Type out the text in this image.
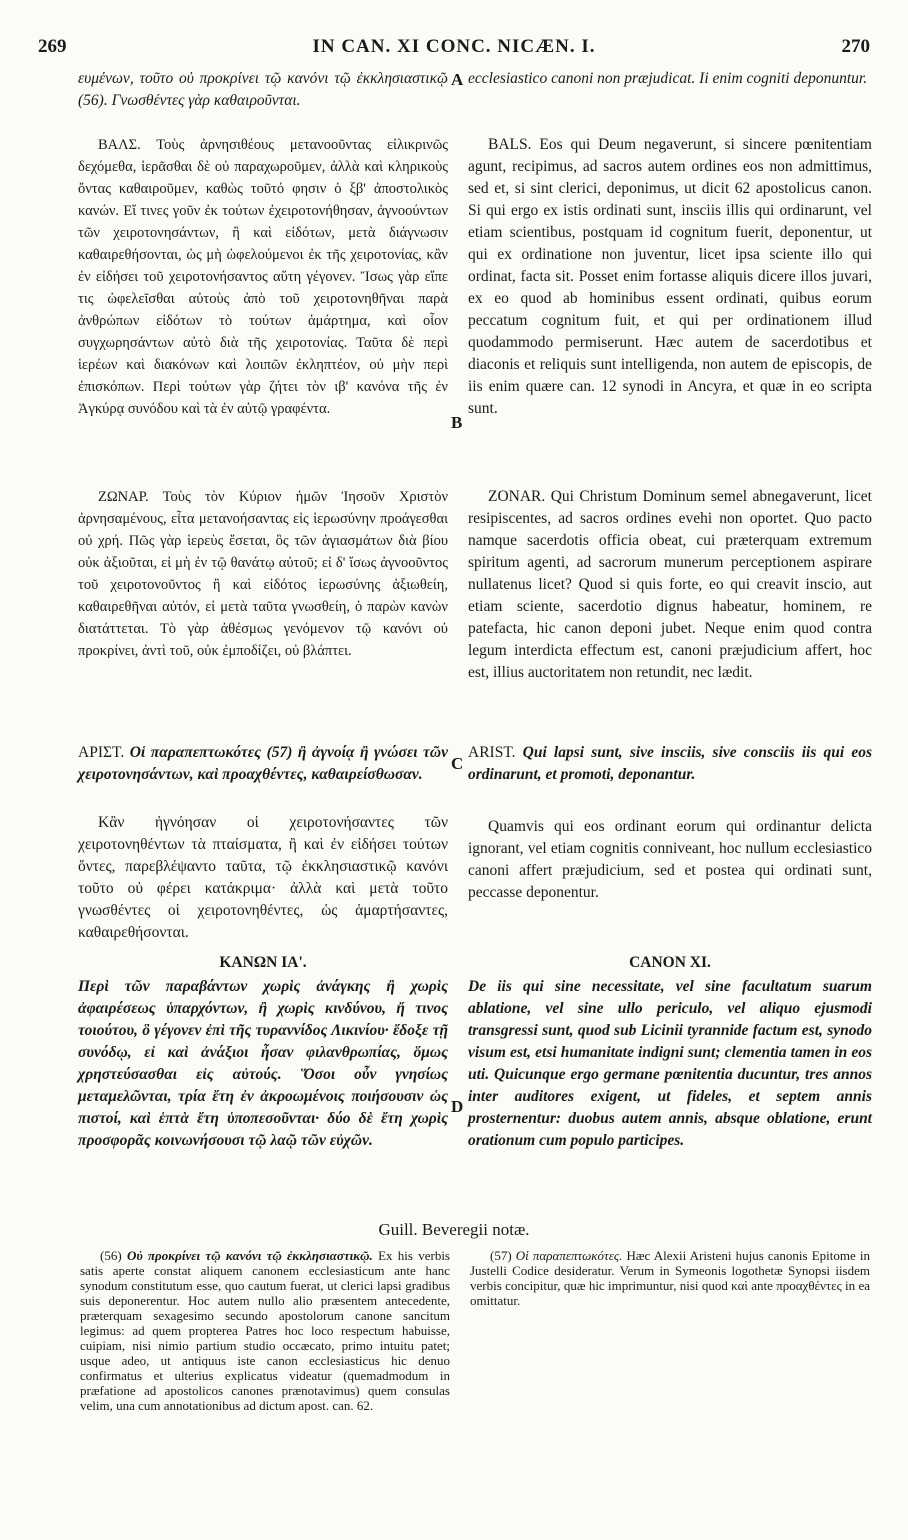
269	IN CAN. XI CONC. NICÆN. I.	270
A
B
C
D

ευμένων, τοῦτο οὐ προκρίνει τῷ κανόνι τῷ ἐκκλησιαστικῷ (56). Γνωσθέντες γὰρ καθαιροῦνται.

ΒΑΛΣ. Τοὺς ἀρνησιθέους μετανοοῦντας εἰλικρινῶς δεχόμεθα, ἱερᾶσθαι δὲ οὐ παραχωροῦμεν, ἀλλὰ καὶ κληρικοὺς ὄντας καθαιροῦμεν, καθὼς τοῦτό φησιν ὁ ξβ' ἀποστολικὸς κανών. Εἴ τινες γοῦν ἐκ τούτων ἐχειροτονήθησαν, ἀγνοούντων τῶν χειροτονησάντων, ἢ καὶ εἰδότων, μετὰ διάγνωσιν καθαιρεθήσονται, ὡς μὴ ὠφελούμενοι ἐκ τῆς χειροτονίας, κἂν ἐν εἰδήσει τοῦ χειροτονήσαντος αὕτη γέγονεν. Ἴσως γὰρ εἴπε τις ὠφελεῖσθαι αὐτοὺς ἀπὸ τοῦ χειροτονηθῆναι παρὰ ἀνθρώπων εἰδότων τὸ τούτων ἁμάρτημα, καὶ οἷον συγχωρησάντων αὐτὸ διὰ τῆς χειροτονίας. Ταῦτα δὲ περὶ ἱερέων καὶ διακόνων καὶ λοιπῶν ἐκληπτέον, οὐ μὴν περὶ ἐπισκόπων. Περὶ τούτων γὰρ ζήτει τὸν ιβ' κανόνα τῆς ἐν Ἀγκύρᾳ συνόδου καὶ τὰ ἐν αὐτῷ γραφέντα.

ΖΩΝΑΡ. Τοὺς τὸν Κύριον ἡμῶν Ἰησοῦν Χριστὸν ἀρνησαμένους, εἶτα μετανοήσαντας εἰς ἱερωσύνην προάγεσθαι οὐ χρή. Πῶς γὰρ ἱερεὺς ἔσεται, ὃς τῶν ἁγιασμάτων διὰ βίου οὐκ ἀξιοῦται, εἰ μὴ ἐν τῷ θανάτῳ αὐτοῦ; εἰ δ' ἴσως ἀγνοοῦντος τοῦ χειροτονοῦντος ἢ καὶ εἰδότος ἱερωσύνης ἀξιωθείη, καθαιρεθῆναι αὐτόν, εἰ μετὰ ταῦτα γνωσθείη, ὁ παρὼν κανὼν διατάττεται. Τὸ γὰρ ἀθέσμως γενόμενον τῷ κανόνι οὐ προκρίνει, ἀντὶ τοῦ, οὐκ ἐμποδίζει, οὐ βλάπτει.

ΑΡΙΣΤ. Οἱ παραπεπτωκότες (57) ἢ ἀγνοίᾳ ἢ γνώσει τῶν χειροτονησάντων, καὶ προαχθέντες, καθαιρείσθωσαν.

Κἂν ἠγνόησαν οἱ χειροτονήσαντες τῶν χειροτονηθέντων τὰ πταίσματα, ἢ καὶ ἐν εἰδήσει τούτων ὄντες, παρεβλέψαντο ταῦτα, τῷ ἐκκλησιαστικῷ κανόνι τοῦτο οὐ φέρει κατάκριμα· ἀλλὰ καὶ μετὰ τοῦτο γνωσθέντες οἱ χειροτονηθέντες, ὡς ἁμαρτήσαντες, καθαιρεθήσονται.

ΚΑΝΩΝ ΙΑ'.

Περὶ τῶν παραβάντων χωρὶς ἀνάγκης ἢ χωρὶς ἀφαιρέσεως ὑπαρχόντων, ἢ χωρὶς κινδύνου, ἤ τινος τοιούτου, ὃ γέγονεν ἐπὶ τῆς τυραννίδος Λικινίου· ἔδοξε τῇ συνόδῳ, εἰ καὶ ἀνάξιοι ἦσαν φιλανθρωπίας, ὅμως χρηστεύσασθαι εἰς αὐτούς. Ὅσοι οὖν γνησίως μεταμελῶνται, τρία ἔτη ἐν ἀκροωμένοις ποιήσουσιν ὡς πιστοί, καὶ ἑπτὰ ἔτη ὑποπεσοῦνται· δύο δὲ ἔτη χωρὶς προσφορᾶς κοινωνήσουσι τῷ λαῷ τῶν εὐχῶν.

ecclesiastico canoni non præjudicat. Ii enim cogniti deponuntur.

BALS. Eos qui Deum negaverunt, si sincere pœnitentiam agunt, recipimus, ad sacros autem ordines eos non admittimus, sed et, si sint clerici, deponimus, ut dicit 62 apostolicus canon. Si qui ergo ex istis ordinati sunt, insciis illis qui ordinarunt, vel etiam scientibus, postquam id cognitum fuerit, deponentur, ut qui ex ordinatione non juventur, licet ipsa sciente illo qui ordinat, facta sit. Posset enim fortasse aliquis dicere illos juvari, ex eo quod ab hominibus essent ordinati, quibus eorum peccatum cognitum fuit, et qui per ordinationem illud quodammodo permiserunt. Hæc autem de sacerdotibus et diaconis et reliquis sunt intelligenda, non autem de episcopis, de iis enim quære can. 12 synodi in Ancyra, et quæ in eo scripta sunt.

ZONAR. Qui Christum Dominum semel abnegaverunt, licet resipiscentes, ad sacros ordines evehi non oportet. Quo pacto namque sacerdotis officia obeat, cui præterquam extremum spiritum agenti, ad sacrorum munerum perceptionem aspirare nullatenus licet? Quod si quis forte, eo qui creavit inscio, aut etiam sciente, sacerdotio dignus habeatur, hominem, re patefacta, hic canon deponi jubet. Neque enim quod contra legum interdicta effectum est, canoni præjudicium affert, hoc est, illius auctoritatem non retundit, nec lædit.

ARIST. Qui lapsi sunt, sive insciis, sive consciis iis qui eos ordinarunt, et promoti, deponantur.

Quamvis qui eos ordinant eorum qui ordinantur delicta ignorant, vel etiam cognitis conniveant, hoc nullum ecclesiastico canoni affert præjudicium, sed et postea qui ordinati sunt, peccasse deponentur.

CANON XI.

De iis qui sine necessitate, vel sine facultatum suarum ablatione, vel sine ullo periculo, vel aliquo ejusmodi transgressi sunt, quod sub Licinii tyrannide factum est, synodo visum est, etsi humanitate indigni sunt; clementia tamen in eos uti. Quicunque ergo germane pœnitentia ducuntur, tres annos inter auditores exigent, ut fideles, et septem annis prosternentur: duobus autem annis, absque oblatione, erunt orationum cum populo participes.

Guill. Beveregii notæ.

(56) Οὐ προκρίνει τῷ κανόνι τῷ ἐκκλησιαστικῷ. Ex his verbis satis aperte constat aliquem canonem ecclesiasticum ante hanc synodum constitutum esse, quo cautum fuerat, ut clerici lapsi gradibus suis deponerentur. Hoc autem nullo alio præsentem antecedente, præterquam sexagesimo secundo apostolorum canone sancitum legimus: ad quem propterea Patres hoc loco respectum habuisse, cuipiam, nisi nimio partium studio occæcato, primo intuitu patet; usque adeo, ut antiquus iste canon ecclesiasticus hic denuo confirmatus et ulterius explicatus videatur (quemadmodum in præfatione ad apostolicos canones prænotavimus) quem consulas velim, una cum annotationibus ad dictum apost. can. 62.

(57) Οἱ παραπεπτωκότες. Hæc Alexii Aristeni hujus canonis Epitome in Justelli Codice desideratur. Verum in Symeonis logothetæ Synopsi iisdem verbis concipitur, quæ hic imprimuntur, nisi quod καὶ ante προαχθέντες in ea omittatur.
